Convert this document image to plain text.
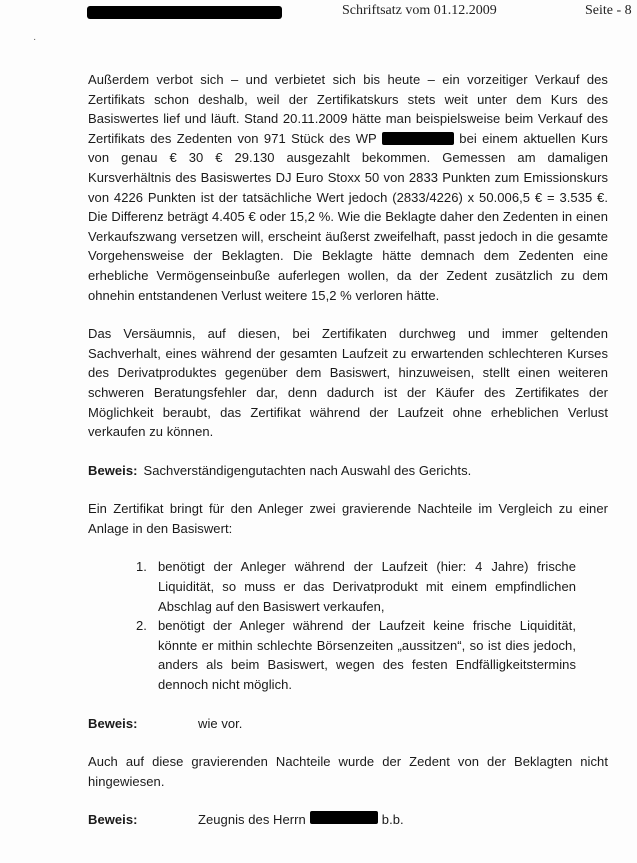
Schriftsatz vom 01.12.2009	Seite - 8
·

Außerdem verbot sich – und verbietet sich bis heute – ein vorzeitiger Verkauf des Zertifikats schon deshalb, weil der Zertifikatskurs stets weit unter dem Kurs des Basiswertes lief und läuft. Stand 20.11.2009 hätte man beispielsweise beim Verkauf des Zertifikats des Zedenten von 971 Stück des WP	bei einem aktuellen Kurs von genau € 30 € 29.130 ausgezahlt bekommen. Gemessen am damaligen Kursverhältnis des Basiswertes DJ Euro Stoxx 50 von 2833 Punkten zum Emissionskurs von 4226 Punkten ist der tatsächliche Wert jedoch (2833/4226) x 50.006,5 € = 3.535 €. Die Differenz beträgt 4.405 € oder 15,2 %. Wie die Beklagte daher den Zedenten in einen Verkaufszwang versetzen will, erscheint äußerst zweifelhaft, passt jedoch in die gesamte Vorgehensweise der Beklagten. Die Beklagte hätte demnach dem Zedenten eine erhebliche Vermögenseinbuße auferlegen wollen, da der Zedent zusätzlich zu dem ohnehin entstandenen Verlust weitere 15,2 % verloren hätte.

Das Versäumnis, auf diesen, bei Zertifikaten durchweg und immer geltenden Sachverhalt, eines während der gesamten Laufzeit zu erwartenden schlechteren Kurses des Derivatproduktes gegenüber dem Basiswert, hinzuweisen, stellt einen weiteren schweren Beratungsfehler dar, denn dadurch ist der Käufer des Zertifikates der Möglichkeit beraubt, das Zertifikat während der Laufzeit ohne erheblichen Verlust verkaufen zu können.

Beweis: Sachverständigengutachten nach Auswahl des Gerichts.

Ein Zertifikat bringt für den Anleger zwei gravierende Nachteile im Vergleich zu einer Anlage in den Basiswert:

1. benötigt der Anleger während der Laufzeit (hier: 4 Jahre) frische Liquidität, so muss er das Derivatprodukt mit einem empfindlichen Abschlag auf den Basiswert verkaufen,
2. benötigt der Anleger während der Laufzeit keine frische Liquidität, könnte er mithin schlechte Börsenzeiten „aussitzen“, so ist dies jedoch, anders als beim Basiswert, wegen des festen Endfälligkeitstermins dennoch nicht möglich.
Beweis:	wie vor.

Auch auf diese gravierenden Nachteile wurde der Zedent von der Beklagten nicht hingewiesen.

Beweis:	Zeugnis des Herrn	b.b.
